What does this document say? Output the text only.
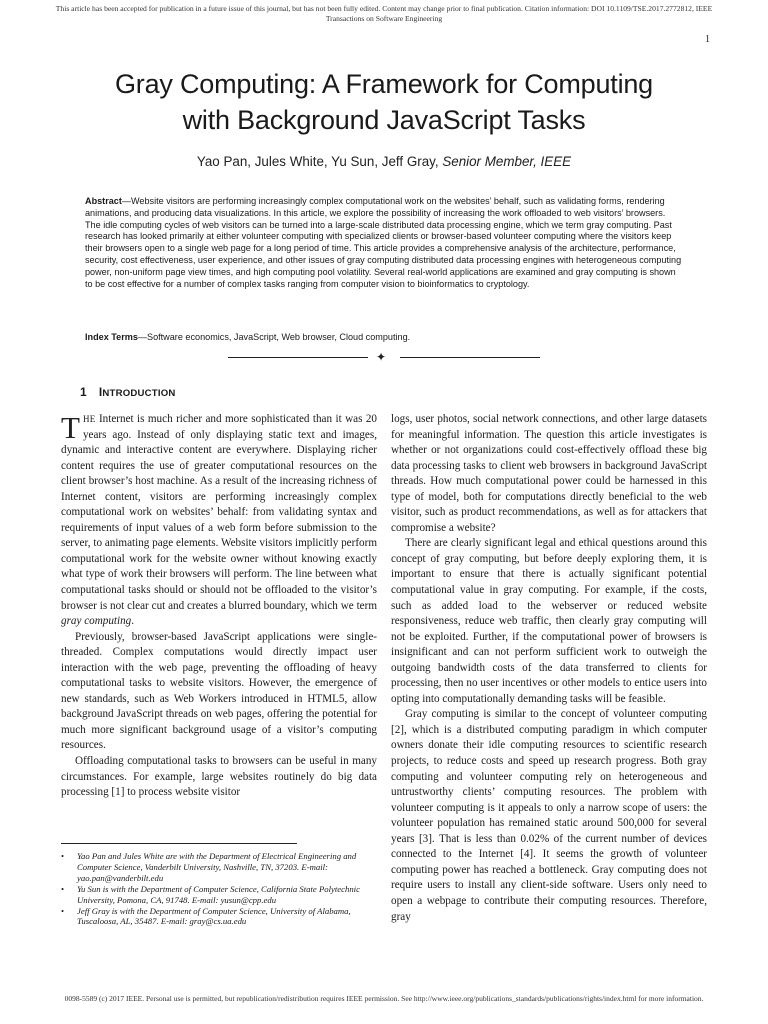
This article has been accepted for publication in a future issue of this journal, but has not been fully edited. Content may change prior to final publication. Citation information: DOI 10.1109/TSE.2017.2772812, IEEE
Transactions on Software Engineering
1
Gray Computing: A Framework for Computing
with Background JavaScript Tasks
Yao Pan, Jules White, Yu Sun, Jeff Gray, Senior Member, IEEE
Abstract—Website visitors are performing increasingly complex computational work on the websites’ behalf, such as validating forms, rendering animations, and producing data visualizations. In this article, we explore the possibility of increasing the work offloaded to web visitors’ browsers. The idle computing cycles of web visitors can be turned into a large-scale distributed data processing engine, which we term gray computing. Past research has looked primarily at either volunteer computing with specialized clients or browser-based volunteer computing where the visitors keep their browsers open to a single web page for a long period of time. This article provides a comprehensive analysis of the architecture, performance, security, cost effectiveness, user experience, and other issues of gray computing distributed data processing engines with heterogeneous computing power, non-uniform page view times, and high computing pool volatility. Several real-world applications are examined and gray computing is shown to be cost effective for a number of complex tasks ranging from computer vision to bioinformatics to cryptology.
Index Terms—Software economics, JavaScript, Web browser, Cloud computing.
✦
1 INTRODUCTION

THE Internet is much richer and more sophisticated than it was 20 years ago. Instead of only displaying static text and images, dynamic and interactive content are everywhere. Displaying richer content requires the use of greater computational resources on the client browser’s host machine. As a result of the increasing richness of Internet content, visitors are performing increasingly complex computational work on websites’ behalf: from validating syntax and requirements of input values of a web form before submission to the server, to animating page elements. Website visitors implicitly perform computational work for the website owner without knowing exactly what type of work their browsers will perform. The line between what computational tasks should or should not be offloaded to the visitor’s browser is not clear cut and creates a blurred boundary, which we term gray computing.

Previously, browser-based JavaScript applications were single-threaded. Complex computations would directly impact user interaction with the web page, preventing the offloading of heavy computational tasks to website visitors. However, the emergence of new standards, such as Web Workers introduced in HTML5, allow background JavaScript threads on web pages, offering the potential for much more significant background usage of a visitor’s computing resources.

Offloading computational tasks to browsers can be useful in many circumstances. For example, large websites routinely do big data processing [1] to process website visitor

• Yao Pan and Jules White are with the Department of Electrical Engineering and Computer Science, Vanderbilt University, Nashville, TN, 37203. E-mail: yao.pan@vanderbilt.edu
• Yu Sun is with the Department of Computer Science, California State Polytechnic University, Pomona, CA, 91748. E-mail: yusun@cpp.edu
• Jeff Gray is with the Department of Computer Science, University of Alabama, Tuscaloosa, AL, 35487. E-mail: gray@cs.ua.edu

logs, user photos, social network connections, and other large datasets for meaningful information. The question this article investigates is whether or not organizations could cost-effectively offload these big data processing tasks to client web browsers in background JavaScript threads. How much computational power could be harnessed in this type of model, both for computations directly beneficial to the web visitor, such as product recommendations, as well as for attackers that compromise a website?

There are clearly significant legal and ethical questions around this concept of gray computing, but before deeply exploring them, it is important to ensure that there is actually significant potential computational value in gray computing. For example, if the costs, such as added load to the webserver or reduced website responsiveness, reduce web traffic, then clearly gray computing will not be exploited. Further, if the computational power of browsers is insignificant and can not perform sufficient work to outweigh the outgoing bandwidth costs of the data transferred to clients for processing, then no user incentives or other models to entice users into opting into computationally demanding tasks will be feasible.

Gray computing is similar to the concept of volunteer computing [2], which is a distributed computing paradigm in which computer owners donate their idle computing resources to scientific research projects, to reduce costs and speed up research progress. Both gray computing and volunteer computing rely on heterogeneous and untrustworthy clients’ computing resources. The problem with volunteer computing is it appeals to only a narrow scope of users: the volunteer population has remained static around 500,000 for several years [3]. That is less than 0.02% of the current number of devices connected to the Internet [4]. It seems the growth of volunteer computing power has reached a bottleneck. Gray computing does not require users to install any client-side software. Users only need to open a webpage to contribute their computing resources. Therefore, gray

0098-5589 (c) 2017 IEEE. Personal use is permitted, but republication/redistribution requires IEEE permission. See http://www.ieee.org/publications_standards/publications/rights/index.html for more information.
